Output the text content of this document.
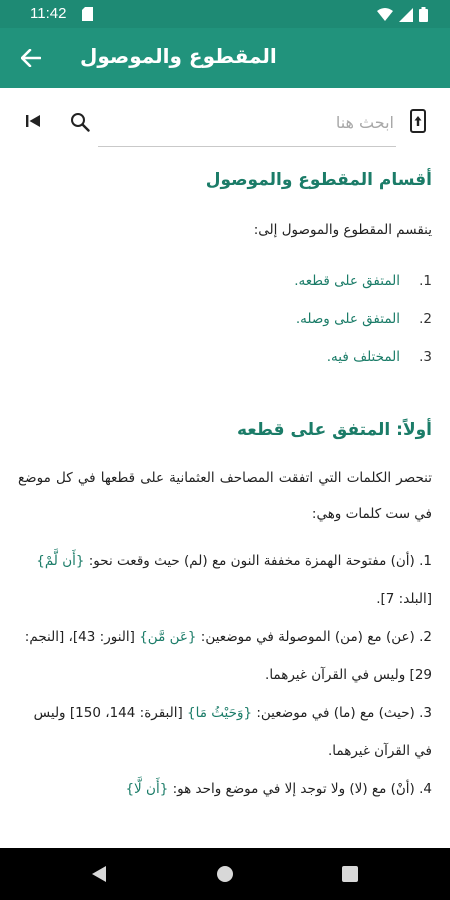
11:42
المقطوع والموصول
ابحث هنا
أقسام المقطوع والموصول

ينقسم المقطوع والموصول إلى:

1.
المتفق على قطعه.
2.
المتفق على وصله.
3.
المختلف فيه.
أولاً: المتفق على قطعه

تنحصر الكلمات التي اتفقت المصاحف العثمانية على قطعها في كل موضع في ست كلمات وهي:

1. (أن) مفتوحة الهمزة مخففة النون مع (لم) حيث وقعت نحو: {أَن لَّمْ} [البلد: 7].
2. (عن) مع (من) الموصولة في موضعين: {عَن مَّن} [النور: 43]، [النجم: 29] وليس في القرآن غيرهما.
3. (حيث) مع (ما) في موضعين: {وَحَيْثُ مَا} [البقرة: 144، 150] وليس في القرآن غيرهما.
4. (أنْ) مع (لا) ولا توجد إلا في موضع واحد هو: {أَن لَّا}
